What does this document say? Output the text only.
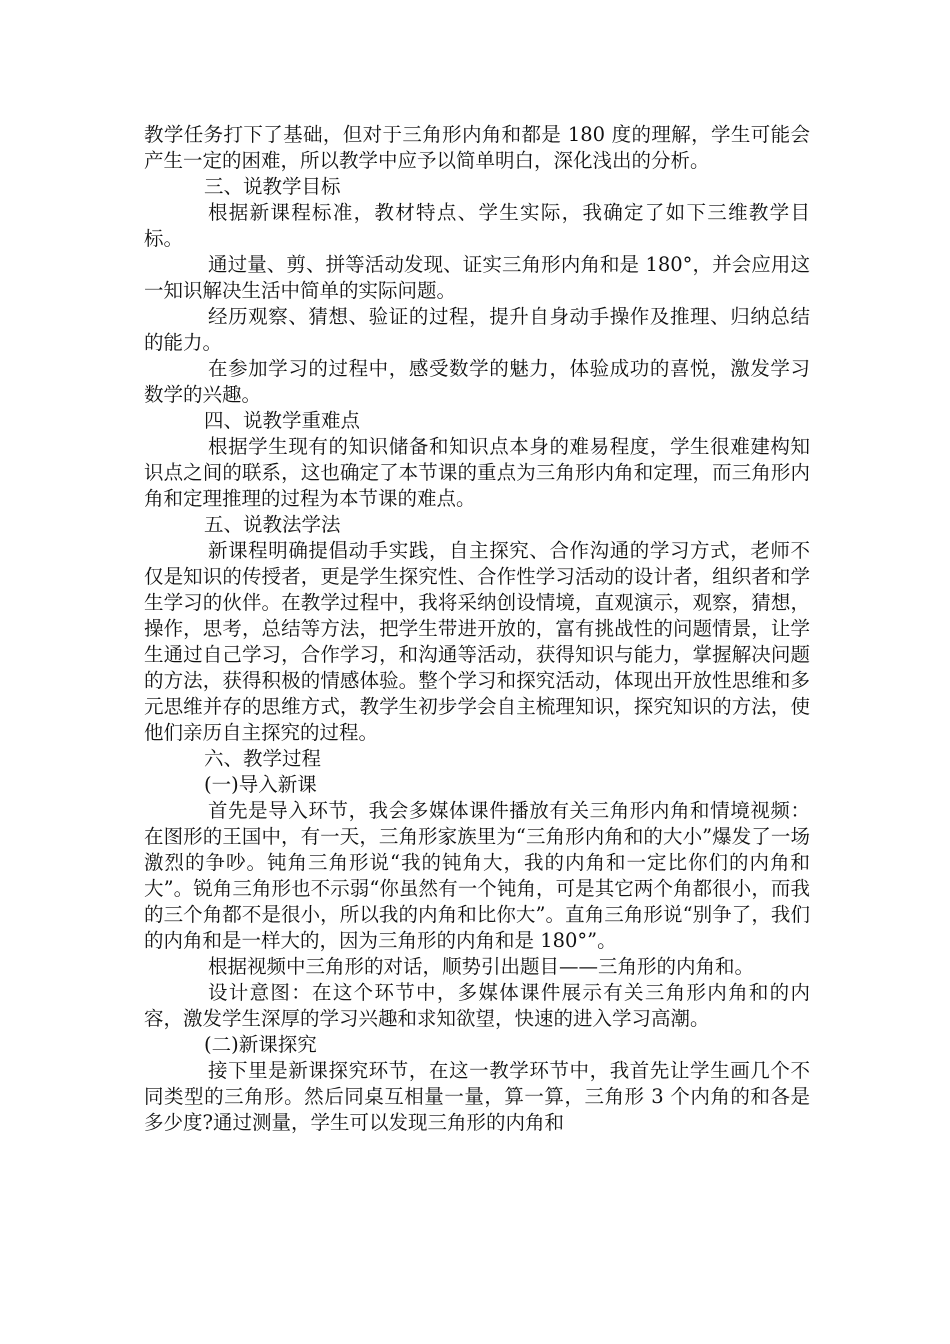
教学任务打下了基础，但对于三角形内角和都是 180 度的理解，学生可能会产生一定的困难，所以教学中应予以简单明白，深化浅出的分析。

三、说教学目标

根据新课程标准，教材特点、学生实际，我确定了如下三维教学目标。

通过量、剪、拼等活动发现、证实三角形内角和是 180°，并会应用这一知识解决生活中简单的实际问题。

经历观察、猜想、验证的过程，提升自身动手操作及推理、归纳总结的能力。

在参加学习的过程中，感受数学的魅力，体验成功的喜悦，激发学习数学的兴趣。

四、说教学重难点

根据学生现有的知识储备和知识点本身的难易程度，学生很难建构知识点之间的联系，这也确定了本节课的重点为三角形内角和定理，而三角形内角和定理推理的过程为本节课的难点。

五、说教法学法

新课程明确提倡动手实践，自主探究、合作沟通的学习方式，老师不仅是知识的传授者，更是学生探究性、合作性学习活动的设计者，组织者和学生学习的伙伴。在教学过程中，我将采纳创设情境，直观演示，观察，猜想，操作，思考，总结等方法，把学生带进开放的，富有挑战性的问题情景，让学生通过自己学习，合作学习，和沟通等活动，获得知识与能力，掌握解决问题的方法，获得积极的情感体验。整个学习和探究活动，体现出开放性思维和多元思维并存的思维方式，教学生初步学会自主梳理知识，探究知识的方法，使他们亲历自主探究的过程。

六、教学过程

(一)导入新课

首先是导入环节，我会多媒体课件播放有关三角形内角和情境视频：在图形的王国中，有一天，三角形家族里为“三角形内角和的大小”爆发了一场激烈的争吵。钝角三角形说“我的钝角大，我的内角和一定比你们的内角和大”。锐角三角形也不示弱“你虽然有一个钝角，可是其它两个角都很小，而我的三个角都不是很小，所以我的内角和比你大”。直角三角形说“别争了，我们的内角和是一样大的，因为三角形的内角和是 180°”。

根据视频中三角形的对话，顺势引出题目——三角形的内角和。

设计意图：在这个环节中，多媒体课件展示有关三角形内角和的内容，激发学生深厚的学习兴趣和求知欲望，快速的进入学习高潮。

(二)新课探究

接下里是新课探究环节，在这一教学环节中，我首先让学生画几个不同类型的三角形。然后同桌互相量一量，算一算，三角形 3 个内角的和各是多少度?通过测量，学生可以发现三角形的内角和
